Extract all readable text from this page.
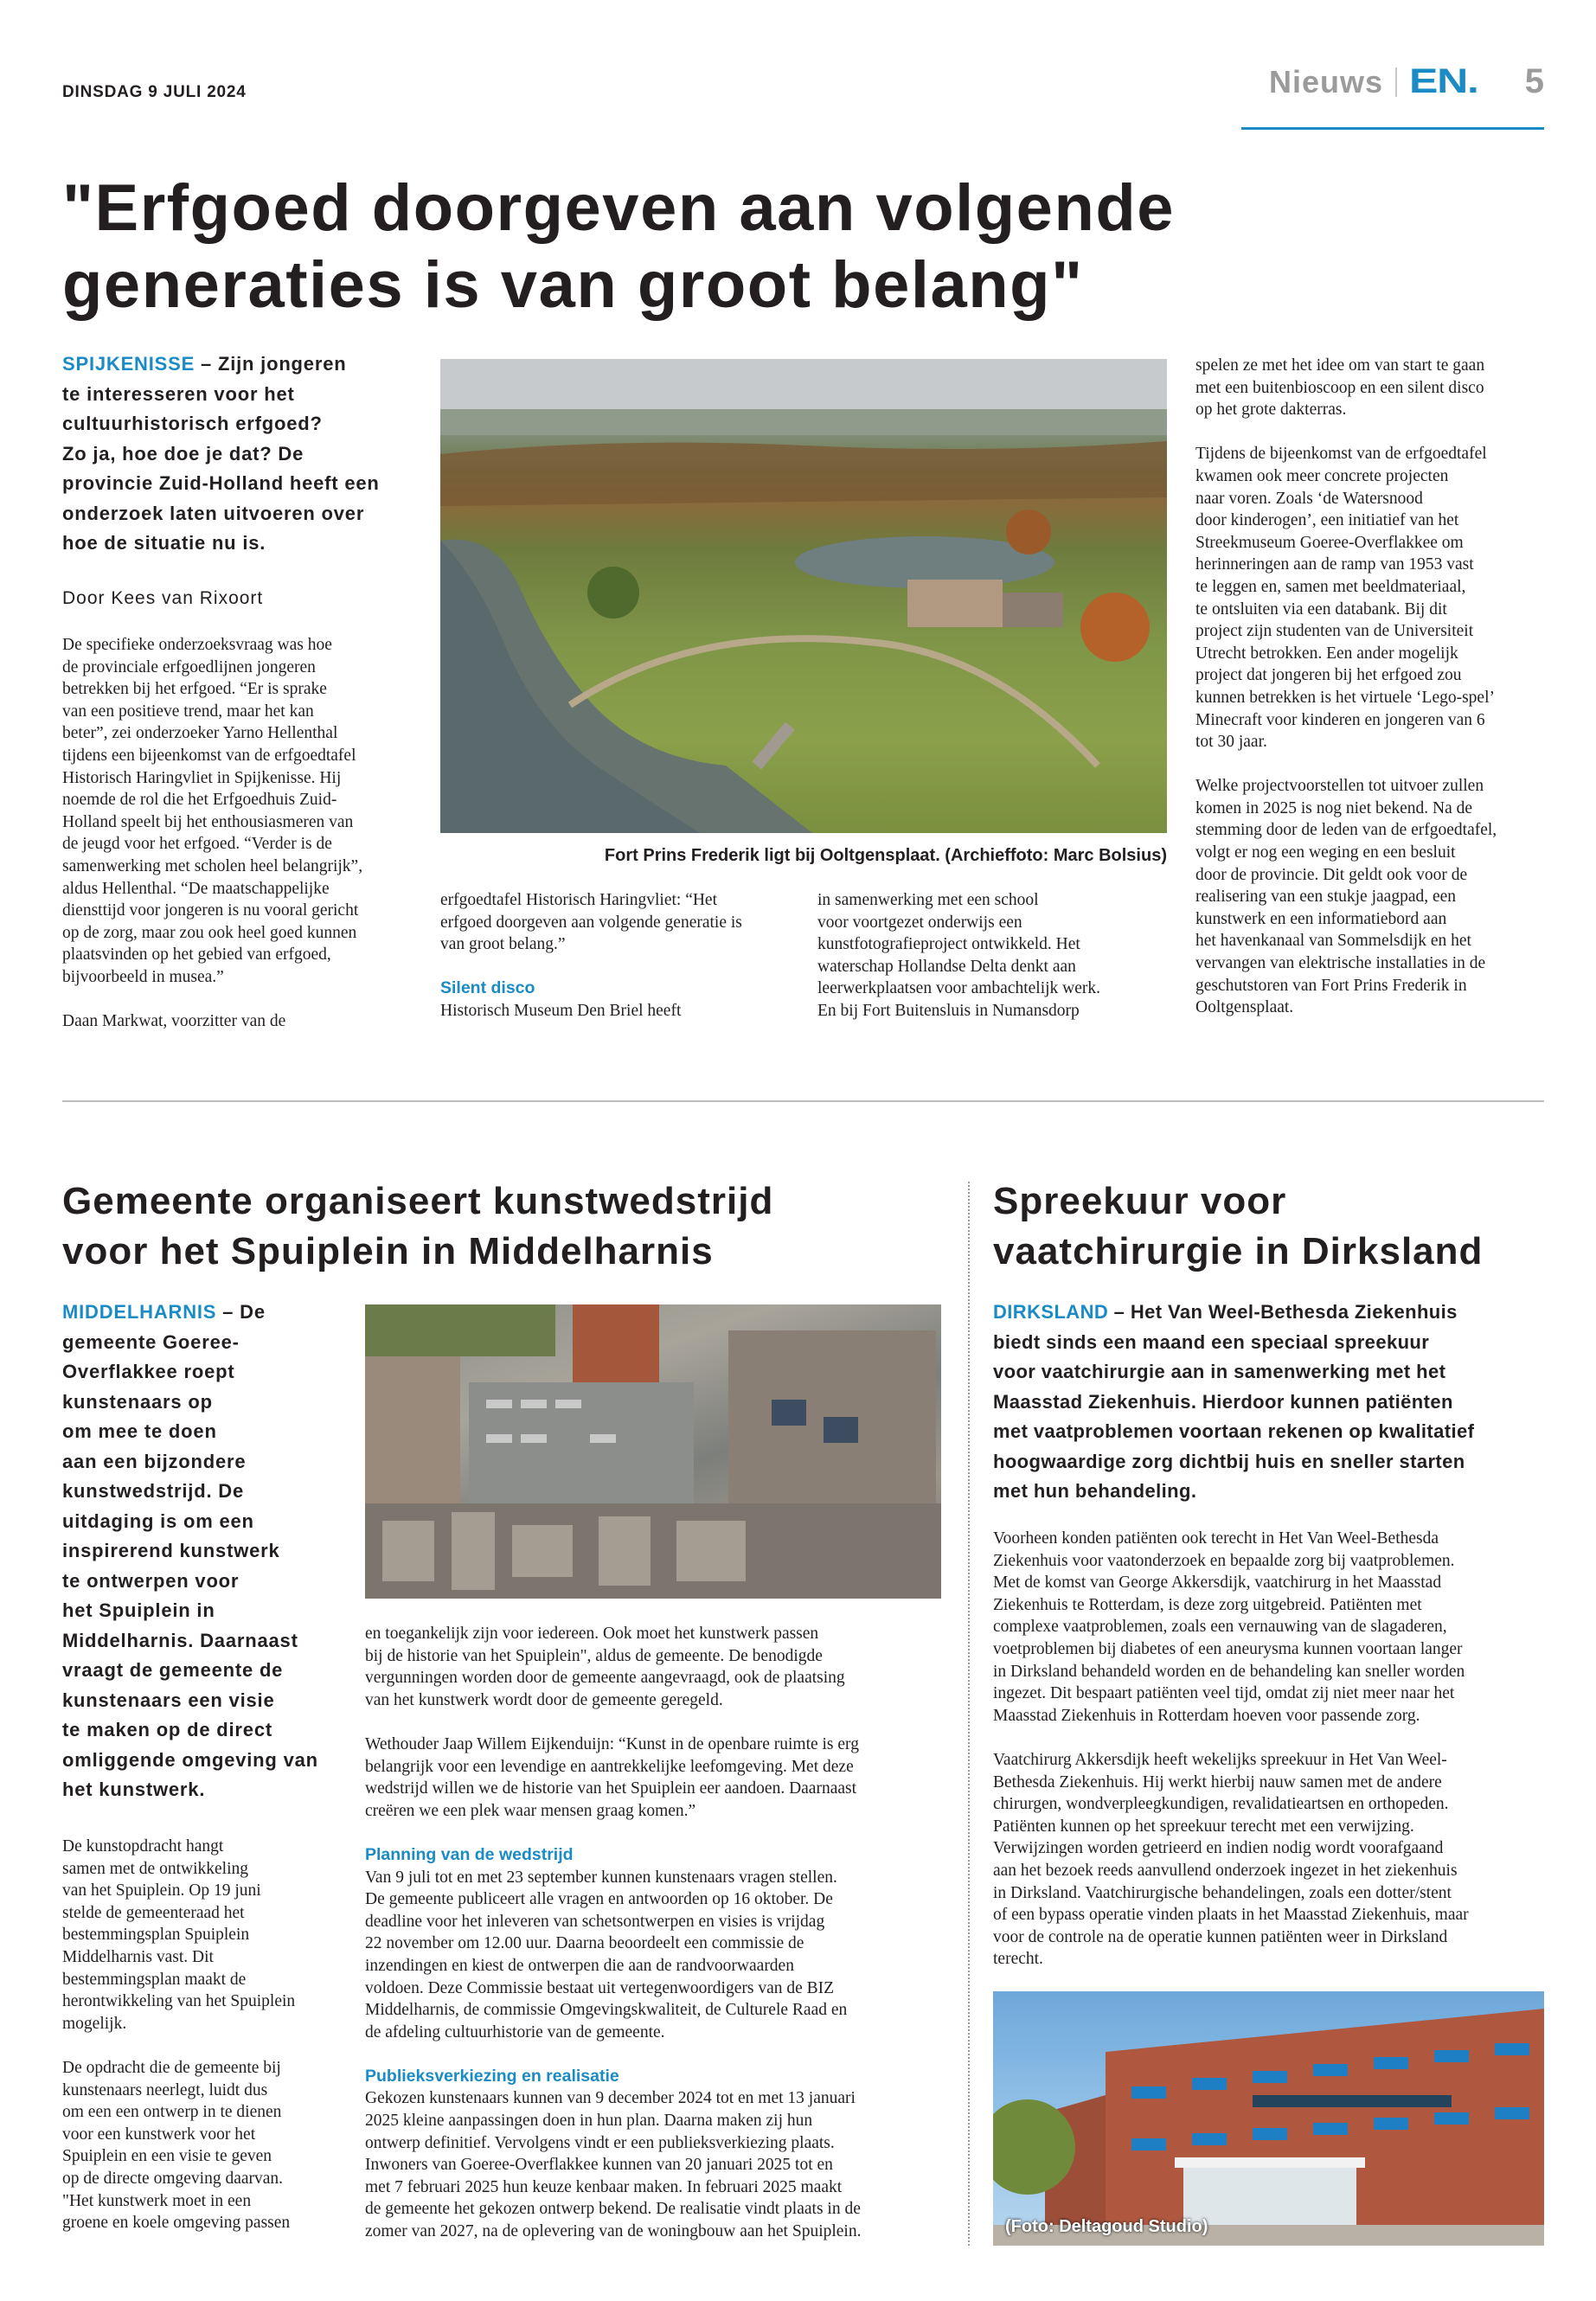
DINSDAG 9 JULI 2024	Nieuws EN. 5
"Erfgoed doorgeven aan volgende
generaties is van groot belang"
SPIJKENISSE – Zijn jongeren
te interesseren voor het
cultuurhistorisch erfgoed?
Zo ja, hoe doe je dat? De
provincie Zuid-Holland heeft een
onderzoek laten uitvoeren over
hoe de situatie nu is.
Door Kees van Rixoort

De specifieke onderzoeksvraag was hoe
de provinciale erfgoedlijnen jongeren
betrekken bij het erfgoed. “Er is sprake
van een positieve trend, maar het kan
beter”, zei onderzoeker Yarno Hellenthal
tijdens een bijeenkomst van de erfgoedtafel
Historisch Haringvliet in Spijkenisse. Hij
noemde de rol die het Erfgoedhuis Zuid-
Holland speelt bij het enthousiasmeren van
de jeugd voor het erfgoed. “Verder is de
samenwerking met scholen heel belangrijk”,
aldus Hellenthal. “De maatschappelijke
diensttijd voor jongeren is nu vooral gericht
op de zorg, maar zou ook heel goed kunnen
plaatsvinden op het gebied van erfgoed,
bijvoorbeeld in musea.”

Daan Markwat, voorzitter van de

Fort Prins Frederik ligt bij Ooltgensplaat. (Archieffoto: Marc Bolsius)

erfgoedtafel Historisch Haringvliet: “Het
erfgoed doorgeven aan volgende generatie is
van groot belang.”

Silent disco

Historisch Museum Den Briel heeft

in samenwerking met een school
voor voortgezet onderwijs een
kunstfotografieproject ontwikkeld. Het
waterschap Hollandse Delta denkt aan
leerwerkplaatsen voor ambachtelijk werk.
En bij Fort Buitensluis in Numansdorp

spelen ze met het idee om van start te gaan
met een buitenbioscoop en een silent disco
op het grote dakterras.

Tijdens de bijeenkomst van de erfgoedtafel
kwamen ook meer concrete projecten
naar voren. Zoals ‘de Watersnood
door kinderogen’, een initiatief van het
Streekmuseum Goeree-Overflakkee om
herinneringen aan de ramp van 1953 vast
te leggen en, samen met beeldmateriaal,
te ontsluiten via een databank. Bij dit
project zijn studenten van de Universiteit
Utrecht betrokken. Een ander mogelijk
project dat jongeren bij het erfgoed zou
kunnen betrekken is het virtuele ‘Lego-spel’
Minecraft voor kinderen en jongeren van 6
tot 30 jaar.

Welke projectvoorstellen tot uitvoer zullen
komen in 2025 is nog niet bekend. Na de
stemming door de leden van de erfgoedtafel,
volgt er nog een weging en een besluit
door de provincie. Dit geldt ook voor de
realisering van een stukje jaagpad, een
kunstwerk en een informatiebord aan
het havenkanaal van Sommelsdijk en het
vervangen van elektrische installaties in de
geschutstoren van Fort Prins Frederik in
Ooltgensplaat.

Gemeente organiseert kunstwedstrijd
voor het Spuiplein in Middelharnis
MIDDELHARNIS – De
gemeente Goeree-
Overflakkee roept
kunstenaars op
om mee te doen
aan een bijzondere
kunstwedstrijd. De
uitdaging is om een
inspirerend kunstwerk
te ontwerpen voor
het Spuiplein in
Middelharnis. Daarnaast
vraagt de gemeente de
kunstenaars een visie
te maken op de direct
omliggende omgeving van
het kunstwerk.

De kunstopdracht hangt
samen met de ontwikkeling
van het Spuiplein. Op 19 juni
stelde de gemeenteraad het
bestemmingsplan Spuiplein
Middelharnis vast. Dit
bestemmingsplan maakt de
herontwikkeling van het Spuiplein
mogelijk.

De opdracht die de gemeente bij
kunstenaars neerlegt, luidt dus
om een een ontwerp in te dienen
voor een kunstwerk voor het
Spuiplein en een visie te geven
op de directe omgeving daarvan.
"Het kunstwerk moet in een
groene en koele omgeving passen

en toegankelijk zijn voor iedereen. Ook moet het kunstwerk passen
bij de historie van het Spuiplein", aldus de gemeente. De benodigde
vergunningen worden door de gemeente aangevraagd, ook de plaatsing
van het kunstwerk wordt door de gemeente geregeld.

Wethouder Jaap Willem Eijkenduijn: “Kunst in de openbare ruimte is erg
belangrijk voor een levendige en aantrekkelijke leefomgeving. Met deze
wedstrijd willen we de historie van het Spuiplein eer aandoen. Daarnaast
creëren we een plek waar mensen graag komen.”

Planning van de wedstrijd

Van 9 juli tot en met 23 september kunnen kunstenaars vragen stellen.
De gemeente publiceert alle vragen en antwoorden op 16 oktober. De
deadline voor het inleveren van schetsontwerpen en visies is vrijdag
22 november om 12.00 uur. Daarna beoordeelt een commissie de
inzendingen en kiest de ontwerpen die aan de randvoorwaarden
voldoen. Deze Commissie bestaat uit vertegenwoordigers van de BIZ
Middelharnis, de commissie Omgevingskwaliteit, de Culturele Raad en
de afdeling cultuurhistorie van de gemeente.

Publieksverkiezing en realisatie

Gekozen kunstenaars kunnen van 9 december 2024 tot en met 13 januari
2025 kleine aanpassingen doen in hun plan. Daarna maken zij hun
ontwerp definitief. Vervolgens vindt er een publieksverkiezing plaats.
Inwoners van Goeree-Overflakkee kunnen van 20 januari 2025 tot en
met 7 februari 2025 hun keuze kenbaar maken. In februari 2025 maakt
de gemeente het gekozen ontwerp bekend. De realisatie vindt plaats in de
zomer van 2027, na de oplevering van de woningbouw aan het Spuiplein.

Spreekuur voor
vaatchirurgie in Dirksland
DIRKSLAND – Het Van Weel-Bethesda Ziekenhuis
biedt sinds een maand een speciaal spreekuur
voor vaatchirurgie aan in samenwerking met het
Maasstad Ziekenhuis. Hierdoor kunnen patiënten
met vaatproblemen voortaan rekenen op kwalitatief
hoogwaardige zorg dichtbij huis en sneller starten
met hun behandeling.

Voorheen konden patiënten ook terecht in Het Van Weel-Bethesda
Ziekenhuis voor vaatonderzoek en bepaalde zorg bij vaatproblemen.
Met de komst van George Akkersdijk, vaatchirurg in het Maasstad
Ziekenhuis te Rotterdam, is deze zorg uitgebreid. Patiënten met
complexe vaatproblemen, zoals een vernauwing van de slagaderen,
voetproblemen bij diabetes of een aneurysma kunnen voortaan langer
in Dirksland behandeld worden en de behandeling kan sneller worden
ingezet. Dit bespaart patiënten veel tijd, omdat zij niet meer naar het
Maasstad Ziekenhuis in Rotterdam hoeven voor passende zorg.

Vaatchirurg Akkersdijk heeft wekelijks spreekuur in Het Van Weel-
Bethesda Ziekenhuis. Hij werkt hierbij nauw samen met de andere
chirurgen, wondverpleegkundigen, revalidatieartsen en orthopeden.
Patiënten kunnen op het spreekuur terecht met een verwijzing.
Verwijzingen worden getrieerd en indien nodig wordt voorafgaand
aan het bezoek reeds aanvullend onderzoek ingezet in het ziekenhuis
in Dirksland. Vaatchirurgische behandelingen, zoals een dotter/stent
of een bypass operatie vinden plaats in het Maasstad Ziekenhuis, maar
voor de controle na de operatie kunnen patiënten weer in Dirksland
terecht.

(Foto: Deltagoud Studio)
